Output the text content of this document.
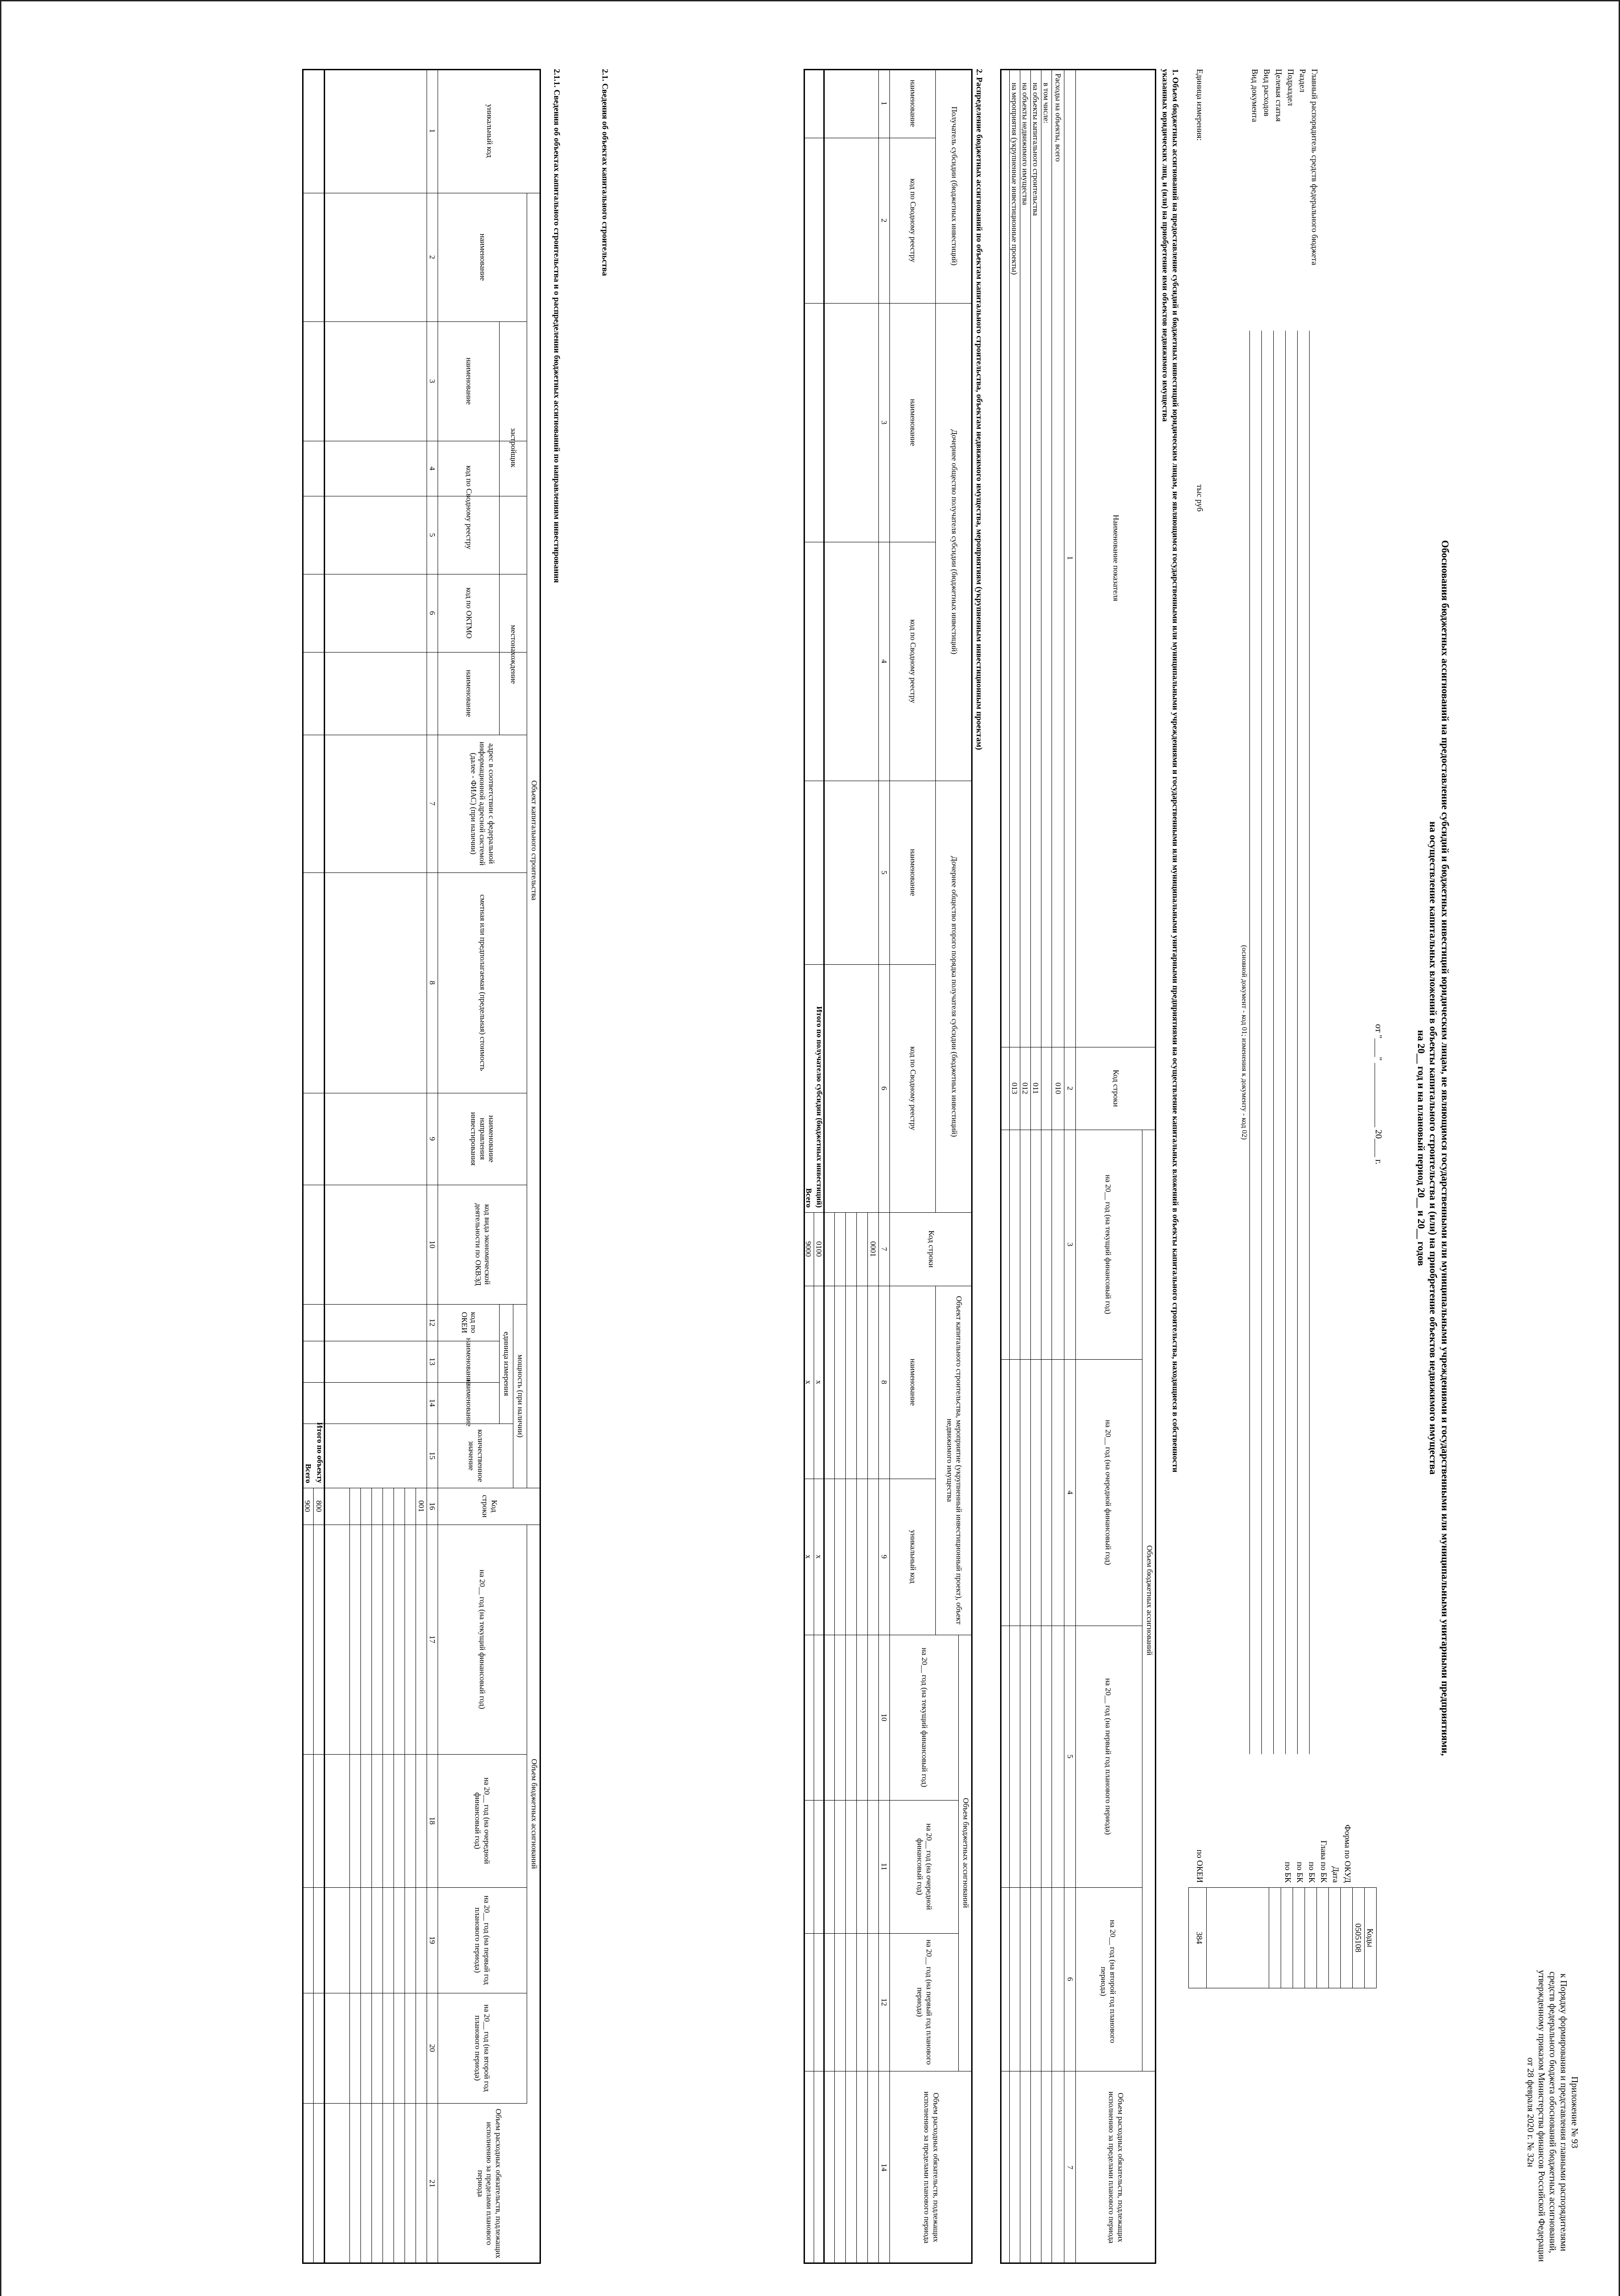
Приложение № 93
к Порядку формирования и представления главными распорядителями
средств федерального бюджета обоснований бюджетных ассигнований,
утвержденному приказом Министерства финансов Российской Федерации
от 28 февраля 2020 г. № 32н
Обоснования бюджетных ассигнований на предоставление субсидий и бюджетных инвестиций юридическим лицам, не являющимся государственными или муниципальными учреждениями и государственными или муниципальными унитарными предприятиями,
на осуществление капитальных вложений в объекты капитального строительства и (или) на приобретение объектов недвижимого имущества
на 20__ год и на плановый период 20__ и 20__ годов
от "____" ______________ 20____ г.
Главный распорядитель средств федерального бюджета
Раздел
Подраздел
Целевая статья
Вид расходов
Вид документа
(основной документ - код 01; изменения к документу - код 02)
Единица измерения:
тыс руб
Форма по ОКУД
Дата
Глава по БК
по БК
по БК
по БК
по ОКЕИ
Коды
0505108
384
1. Объем бюджетных ассигнований на предоставление субсидий и бюджетных инвестиций юридическим лицам, не являющимся государственными или муниципальными учреждениями и государственными или муниципальными унитарными предприятиями на осуществление капитальных вложений в объекты капитального строительства, находящиеся в собственности
указанных юридических лиц, и (или) на приобретение ими объектов недвижимого имущества
Наименование показателя
Код строки
Объем бюджетных ассигнований
на 20__ год (на текущий финансовый год)
на 20__ год (на очередной финансовый год)
на 20__ год (на первый год планового периода)
на 20__ год (на второй год планового периода)
Объем расходных обязательств, подлежащих исполнению за пределами планового периода
1
2
3
4
5
6
7
Расходы на объекты, всего
010
в том числе:
на объекты капитального строительства
011
на объекты недвижимого имущества
012
на мероприятия (укрупненные инвестиционные проекты)
013
2. Распределение бюджетных ассигнований по объектам капитального строительства, объектам недвижимого имущества, мероприятиям (укрупненным инвестиционным проектам)
Получатель субсидии (бюджетных инвестиций)
Дочернее общество получателя субсидии (бюджетных инвестиций)
Дочернее общество второго порядка получателя субсидии (бюджетных инвестиций)
Код строки
Объект капитального строительства, мероприятие (укрупненный инвестиционный проект), объект недвижимого имущества
Объем бюджетных ассигнований
Объем расходных обязательств, подлежащих исполнению за пределами планового периода
наименование
код по Сводному реестру
наименование
код по Сводному реестру
наименование
код по Сводному реестру
наименование
уникальный код
на 20__ год (на текущий финансовый год)
на 20__ год (на очередной финансовый год)
на 20__ год (на первый год планового периода)
1
2
3
4
5
6
7
8
9
10
11
12
14
0001
Итого по получателю субсидии (бюджетных инвестиций)
0100
x
x
Всего
9000
x
x
2.1. Сведения об объектах капитального строительства
2.1.1. Сведения об объектах капитального строительства и о распределении бюджетных ассигнований по направлениям инвестирования
Объект капитального строительства
Объем бюджетных ассигнований
уникальный код
наименование
застройщик
наименование
код по Сводному реестру
местонахождение
код по ОКТМО
наименование
адрес в соответствии с федеральной информационной адресной системой (далее - ФИАС) (при наличии)
сметная или предполагаемая (предельная) стоимость
наименование направления инвестирования
код вида экономической деятельности по ОКВЭД
мощность (при наличии)
единица измерения
код по ОКЕИ
наименование
наименование
количественное значение
Код строки
на 20__ год (на текущий финансовый год)
на 20__ год (на очередной финансовый год)
на 20__ год (на первый год планового периода)
на 20__ год (на второй год планового периода)
Объем расходных обязательств, подлежащих исполнению за пределами планового периода
1
2
3
4
5
6
7
8
9
10
12
13
14
15
16
17
18
19
20
21
001
Итого по объекту
800
Всего
900
